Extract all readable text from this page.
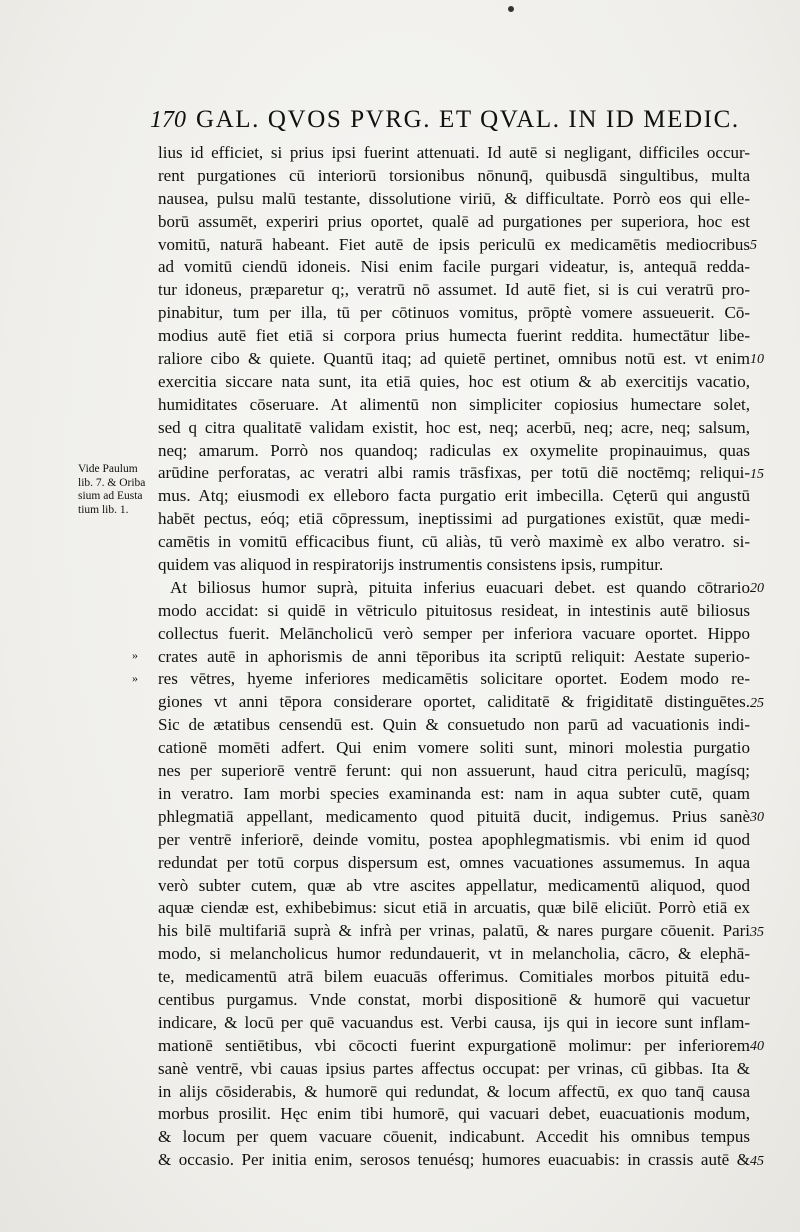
170 GAL. QVOS PVRG. ET QVAL. IN ID MEDIC.
Vide Paulum
lib. 7. & Oriba
sium ad Eusta
tium lib. 1.
»
»
lius id efficiet, si prius ipsi fuerint attenuati. Id autē si negligant, difficiles occur-
rent purgationes cū interiorū torsionibus nōnunq̄, quibusdā singultibus, multa
nausea, pulsu malū testante, dissolutione viriū, & difficultate. Porrò eos qui elle-
borū assumēt, experiri prius oportet, qualē ad purgationes per superiora, hoc est
vomitū, naturā habeant. Fiet autē de ipsis periculū ex medicamētis mediocribus
ad vomitū ciendū idoneis. Nisi enim facile purgari videatur, is, antequā redda-
tur idoneus, præparetur q;, veratrū nō assumet. Id autē fiet, si is cui veratrū pro-
pinabitur, tum per illa, tū per cōtinuos vomitus, prōptè vomere assueuerit. Cō-
modius autē fiet etiā si corpora prius humecta fuerint reddita. humectātur libe-
raliore cibo & quiete. Quantū itaq; ad quietē pertinet, omnibus notū est. vt enim
exercitia siccare nata sunt, ita etiā quies, hoc est otium & ab exercitijs vacatio,
humiditates cōseruare. At alimentū non simpliciter copiosius humectare solet,
sed q citra qualitatē validam existit, hoc est, neq; acerbū, neq; acre, neq; salsum,
neq; amarum. Porrò nos quandoq; radiculas ex oxymelite propinauimus, quas
arūdine perforatas, ac veratri albi ramis trāsfixas, per totū diē noctēmq; reliqui-
mus. Atq; eiusmodi ex elleboro facta purgatio erit imbecilla. Cęterū qui angustū
habēt pectus, eóq; etiā cōpressum, ineptissimi ad purgationes existūt, quæ medi-
camētis in vomitū efficacibus fiunt, cū aliàs, tū verò maximè ex albo veratro. si-
quidem vas aliquod in respiratorijs instrumentis consistens ipsis, rumpitur.
At biliosus humor suprà, pituita inferius euacuari debet. est quando cōtrario
modo accidat: si quidē in vētriculo pituitosus resideat, in intestinis autē biliosus
collectus fuerit. Melāncholicū verò semper per inferiora vacuare oportet. Hippo
crates autē in aphorismis de anni tēporibus ita scriptū reliquit: Aestate superio-
res vētres, hyeme inferiores medicamētis solicitare oportet. Eodem modo re-
giones vt anni tēpora considerare oportet, caliditatē & frigiditatē distinguētes.
Sic de ætatibus censendū est. Quin & consuetudo non parū ad vacuationis indi-
cationē momēti adfert. Qui enim vomere soliti sunt, minori molestia purgatio
nes per superiorē ventrē ferunt: qui non assuerunt, haud citra periculū, magísq;
in veratro. Iam morbi species examinanda est: nam in aqua subter cutē, quam
phlegmatiā appellant, medicamento quod pituitā ducit, indigemus. Prius sanè
per ventrē inferiorē, deinde vomitu, postea apophlegmatismis. vbi enim id quod
redundat per totū corpus dispersum est, omnes vacuationes assumemus. In aqua
verò subter cutem, quæ ab vtre ascites appellatur, medicamentū aliquod, quod
aquæ ciendæ est, exhibebimus: sicut etiā in arcuatis, quæ bilē eliciūt. Porrò etiā ex
his bilē multifariā suprà & infrà per vrinas, palatū, & nares purgare cōuenit. Pari
modo, si melancholicus humor redundauerit, vt in melancholia, cācro, & elephā-
te, medicamentū atrā bilem euacuās offerimus. Comitiales morbos pituitā edu-
centibus purgamus. Vnde constat, morbi dispositionē & humorē qui vacuetur
indicare, & locū per quē vacuandus est. Verbi causa, ijs qui in iecore sunt inflam-
mationē sentiētibus, vbi cōcocti fuerint expurgationē molimur: per inferiorem
sanè ventrē, vbi cauas ipsius partes affectus occupat: per vrinas, cū gibbas. Ita &
in alijs cōsiderabis, & humorē qui redundat, & locum affectū, ex quo tanq̄ causa
morbus prosilit. Hęc enim tibi humorē, qui vacuari debet, euacuationis modum,
& locum per quem vacuare cōuenit, indicabunt. Accedit his omnibus tempus
& occasio. Per initia enim, serosos tenuésq; humores euacuabis: in crassis autē &
5
10
15
20
25
30
35
40
45
